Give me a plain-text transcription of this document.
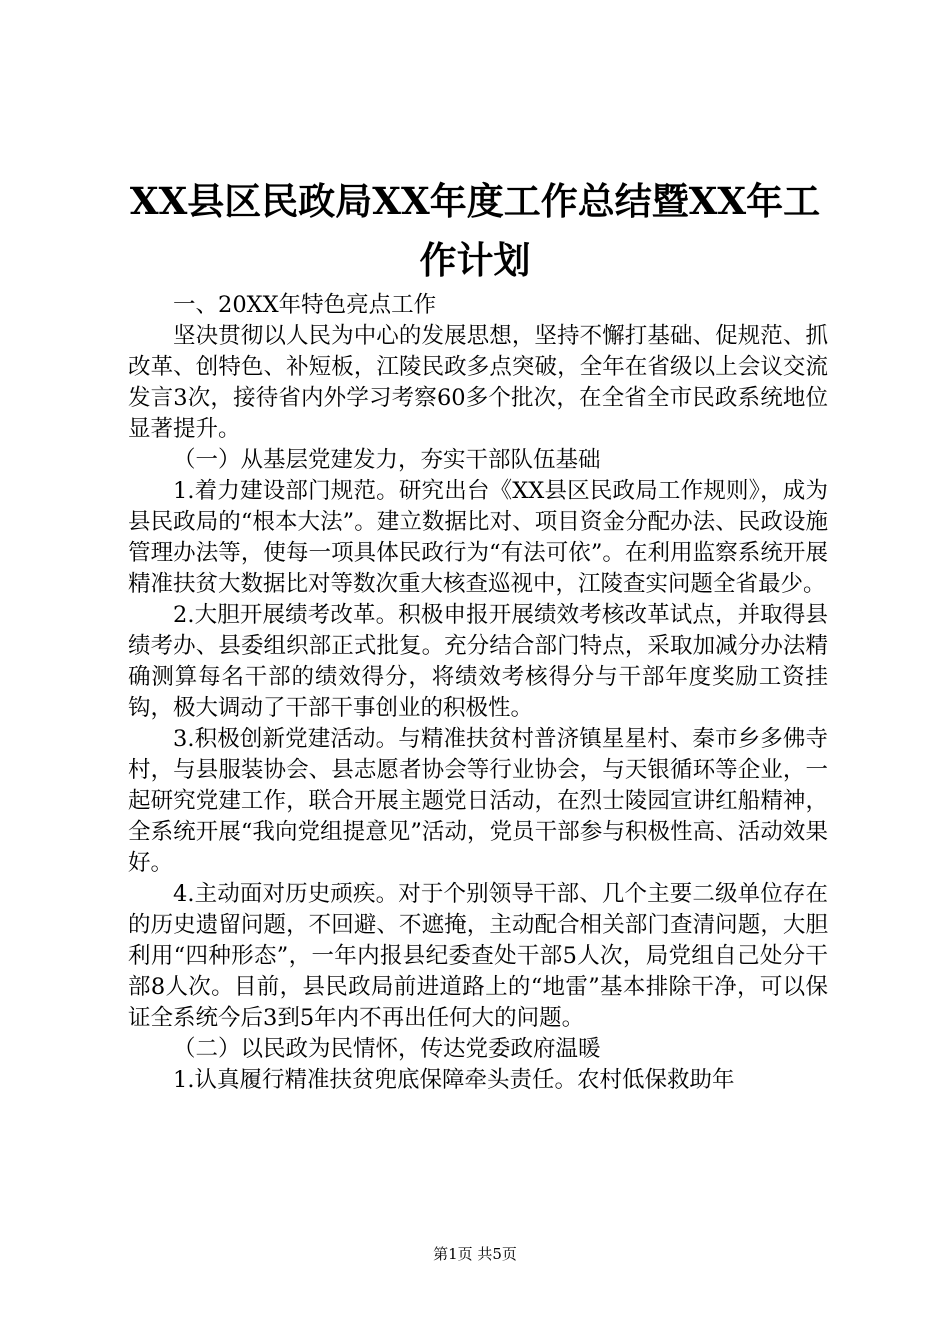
XX县区民政局XX年度工作总结暨XX年工作计划

一、20XX年特色亮点工作

坚决贯彻以人民为中心的发展思想，坚持不懈打基础、促规范、抓改革、创特色、补短板，江陵民政多点突破，全年在省级以上会议交流发言3次，接待省内外学习考察60多个批次，在全省全市民政系统地位显著提升。

（一）从基层党建发力，夯实干部队伍基础

1.着力建设部门规范。研究出台《XX县区民政局工作规则》，成为县民政局的“根本大法”。建立数据比对、项目资金分配办法、民政设施管理办法等，使每一项具体民政行为“有法可依”。在利用监察系统开展精准扶贫大数据比对等数次重大核查巡视中，江陵查实问题全省最少。

2.大胆开展绩考改革。积极申报开展绩效考核改革试点，并取得县绩考办、县委组织部正式批复。充分结合部门特点，采取加减分办法精确测算每名干部的绩效得分，将绩效考核得分与干部年度奖励工资挂钩，极大调动了干部干事创业的积极性。

3.积极创新党建活动。与精准扶贫村普济镇星星村、秦市乡多佛寺村，与县服装协会、县志愿者协会等行业协会，与天银循环等企业，一起研究党建工作，联合开展主题党日活动，在烈士陵园宣讲红船精神，全系统开展“我向党组提意见”活动，党员干部参与积极性高、活动效果好。

4.主动面对历史顽疾。对于个别领导干部、几个主要二级单位存在的历史遗留问题，不回避、不遮掩，主动配合相关部门查清问题，大胆利用“四种形态”，一年内报县纪委查处干部5人次，局党组自己处分干部8人次。目前，县民政局前进道路上的“地雷”基本排除干净，可以保证全系统今后3到5年内不再出任何大的问题。

（二）以民政为民情怀，传达党委政府温暖

1.认真履行精准扶贫兜底保障牵头责任。农村低保救助年

第1页 共5页
